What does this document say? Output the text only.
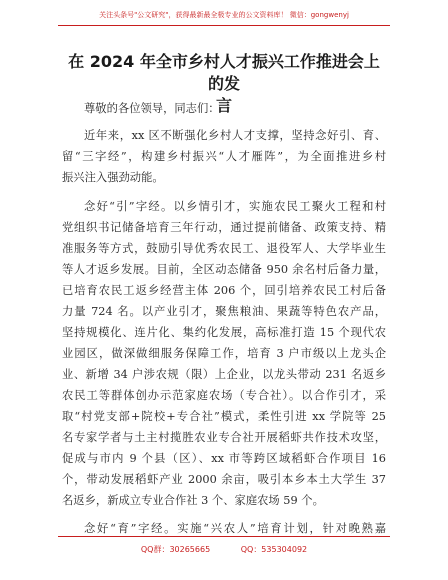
关注头条号"公文研究"，获得最新最全极专业的公文资料库！ 微信：gongwenyj
在 2024 年全市乡村人才振兴工作推进会上的发
言
尊敬的各位领导，同志们：
近年来，xx 区不断强化乡村人才支撑，坚持念好引、育、
留“三字经”，构建乡村振兴“人才雁阵”，为全面推进乡村
振兴注入强劲动能。
念好“引”字经。以乡情引才，实施农民工聚火工程和村
党组织书记储备培育三年行动，通过提前储备、政策支持、精
准服务等方式，鼓励引导优秀农民工、退役军人、大学毕业生
等人才返乡发展。目前，全区动态储备 950 余名村后备力量，
已培育农民工返乡经营主体 206 个，回引培养农民工村后备
力量 724 名。以产业引才，聚焦粮油、果蔬等特色农产品，
坚持规模化、连片化、集约化发展，高标准打造 15 个现代农
业园区，做深做细服务保障工作，培育 3 户市级以上龙头企
业、新增 34 户涉农规（限）上企业，以龙头带动 231 名返乡
农民工等群体创办示范家庭农场（专合社）。以合作引才，采
取“村党支部+院校+专合社”模式，柔性引进 xx 学院等 25
名专家学者与土主村揽胜农业专合社开展稻虾共作技术攻坚，
促成与市内 9 个县（区）、xx 市等跨区域稻虾合作项目 16
个，带动发展稻虾产业 2000 余亩，吸引本乡本土大学生 37
名返乡，新成立专业合作社 3 个、家庭农场 59 个。
念好“育”字经。实施“兴农人”培育计划，针对晚熟嘉
QQ群：30265665	QQ：535304092
